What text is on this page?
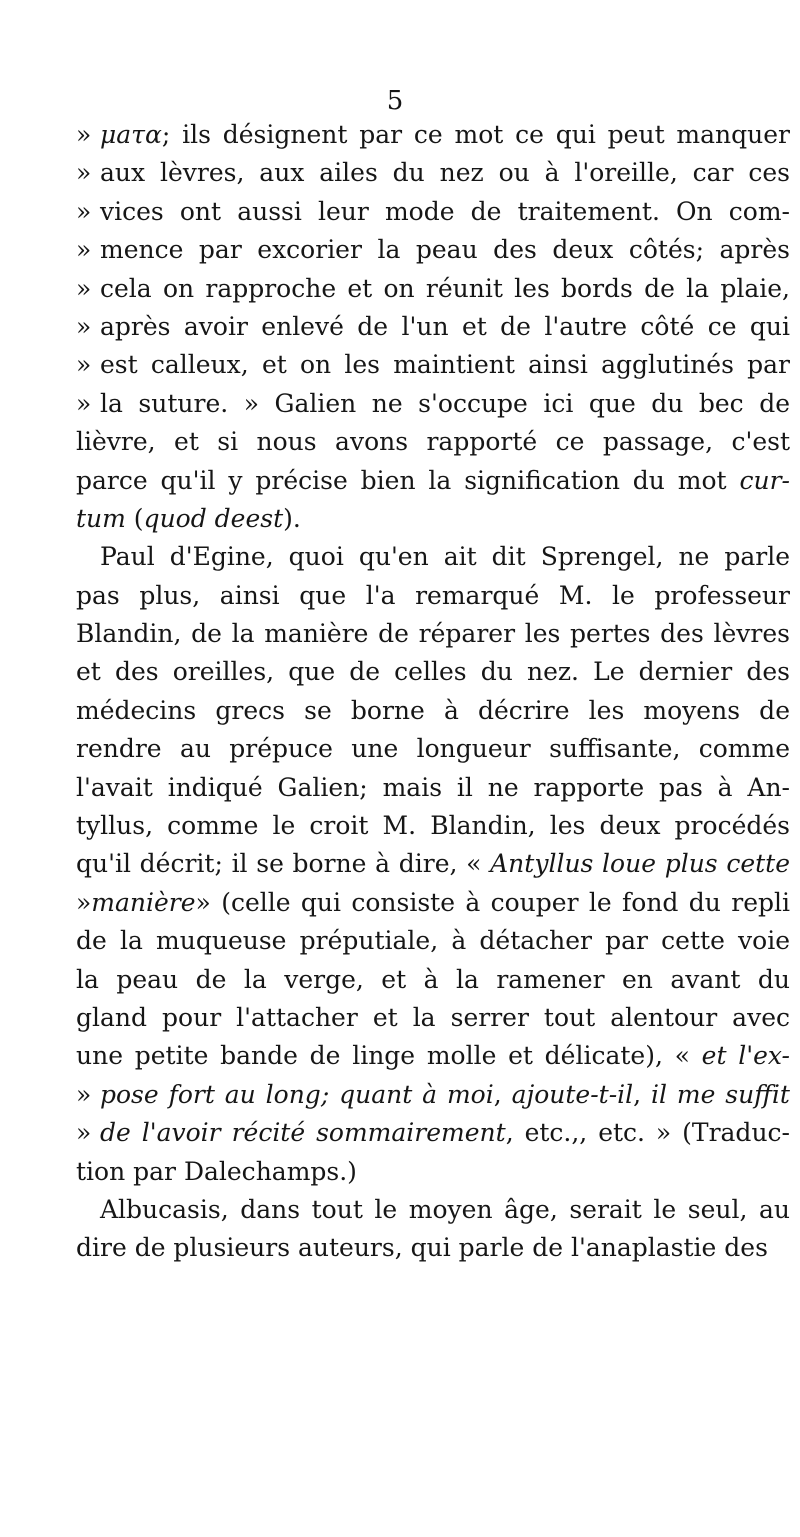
5
» μaτα; ils désignent par ce mot ce qui peut manquer
» aux lèvres, aux ailes du nez ou à l'oreille, car ces
» vices ont aussi leur mode de traitement. On com-
» mence par excorier la peau des deux côtés; après
» cela on rapproche et on réunit les bords de la plaie,
» après avoir enlevé de l'un et de l'autre côté ce qui
» est calleux, et on les maintient ainsi agglutinés par
» la suture. » Galien ne s'occupe ici que du bec de
lièvre, et si nous avons rapporté ce passage, c'est
parce qu'il y précise bien la signification du mot cur-
tum (quod deest).
Paul d'Egine, quoi qu'en ait dit Sprengel, ne parle
pas plus, ainsi que l'a remarqué M. le professeur
Blandin, de la manière de réparer les pertes des lèvres
et des oreilles, que de celles du nez. Le dernier des
médecins grecs se borne à décrire les moyens de
rendre au prépuce une longueur suffisante, comme
l'avait indiqué Galien; mais il ne rapporte pas à An-
tyllus, comme le croit M. Blandin, les deux procédés
qu'il décrit; il se borne à dire, « Antyllus loue plus cette
»manière» (celle qui consiste à couper le fond du repli
de la muqueuse préputiale, à détacher par cette voie
la peau de la verge, et à la ramener en avant du
gland pour l'attacher et la serrer tout alentour avec
une petite bande de linge molle et délicate), « et l'ex-
» pose fort au long; quant à moi, ajoute-t-il, il me suffit
» de l'avoir récité sommairement, etc.,, etc. » (Traduc-
tion par Dalechamps.)
Albucasis, dans tout le moyen âge, serait le seul, au
dire de plusieurs auteurs, qui parle de l'anaplastie des
